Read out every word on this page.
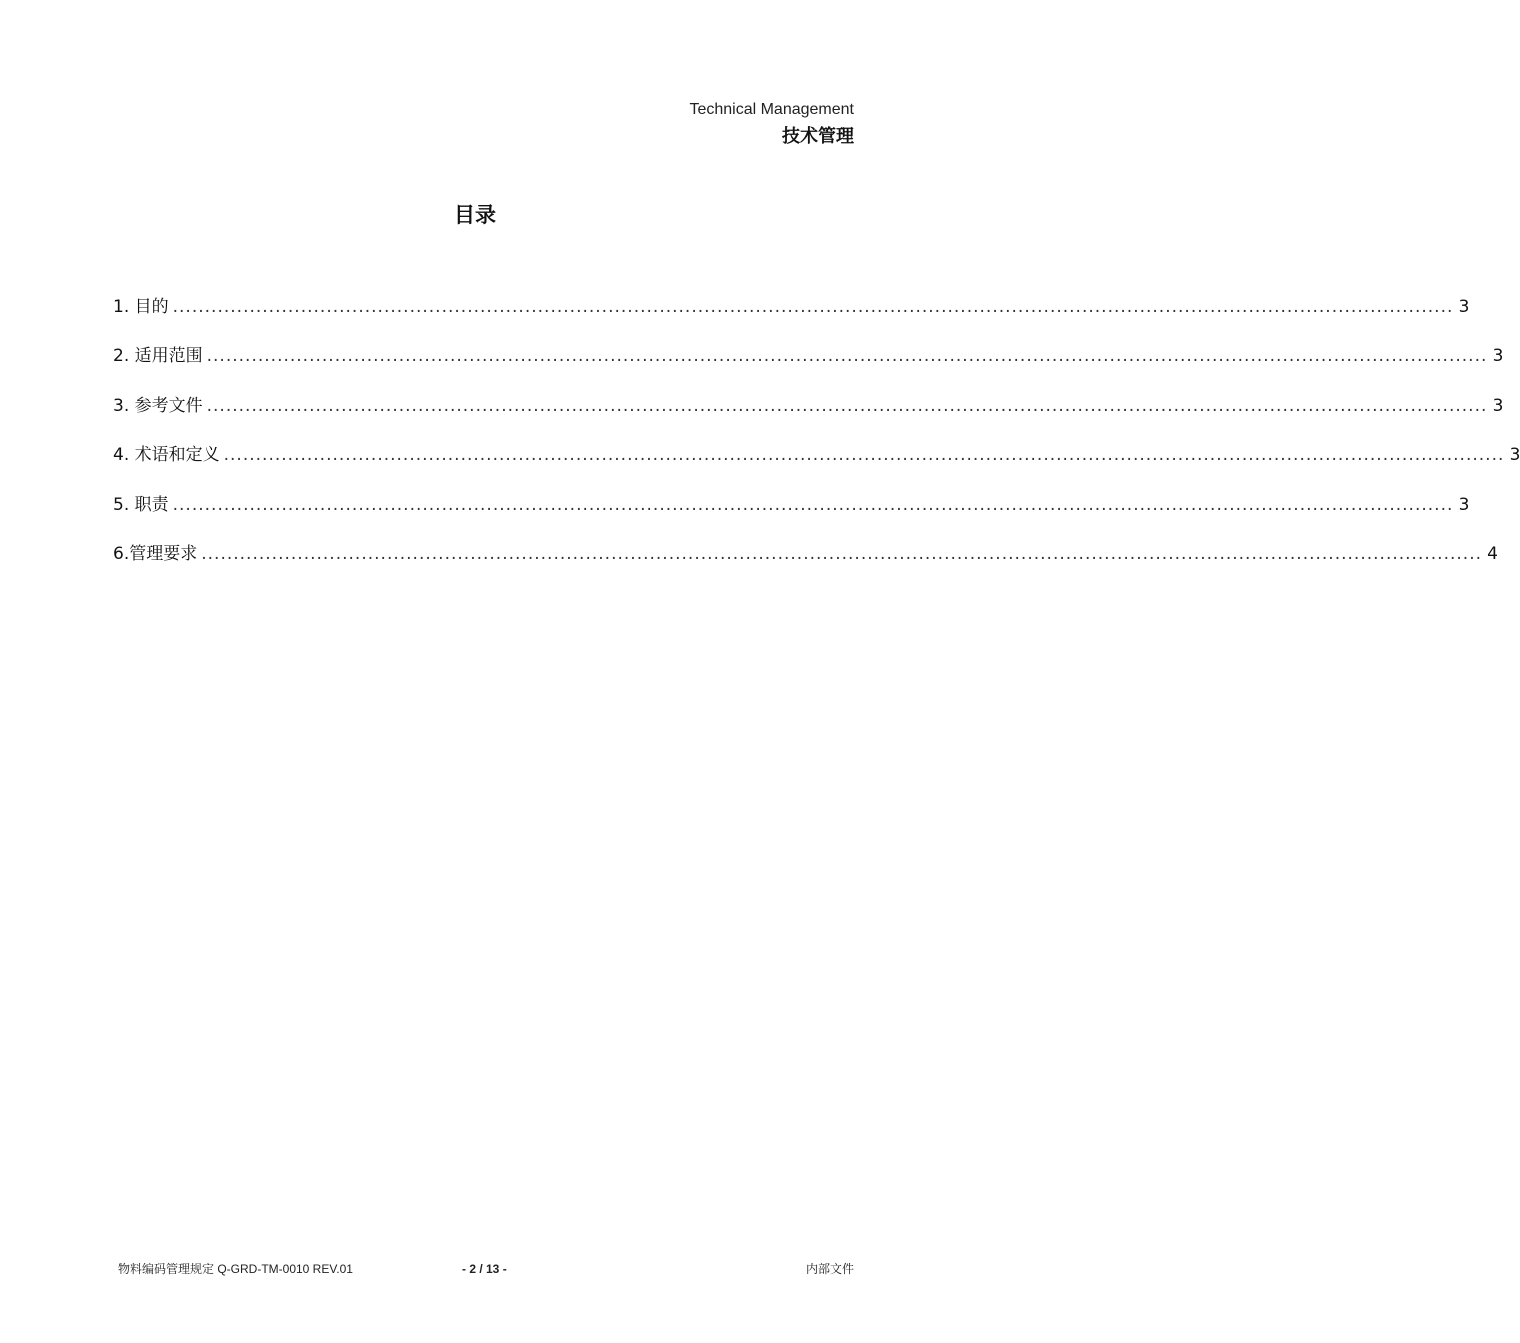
Technical Management
技术管理
目录
1. 目的 ........................................................................................................................................................................................................ 3
2. 适用范围 ........................................................................................................................................................................................................ 3
3. 参考文件 ........................................................................................................................................................................................................ 3
4. 术语和定义 ........................................................................................................................................................................................................ 3
5. 职责 ........................................................................................................................................................................................................ 3
6.管理要求 ........................................................................................................................................................................................................ 4
物料编码管理规定 Q-GRD-TM-0010 REV.01	- 2 / 13 -	内部文件
